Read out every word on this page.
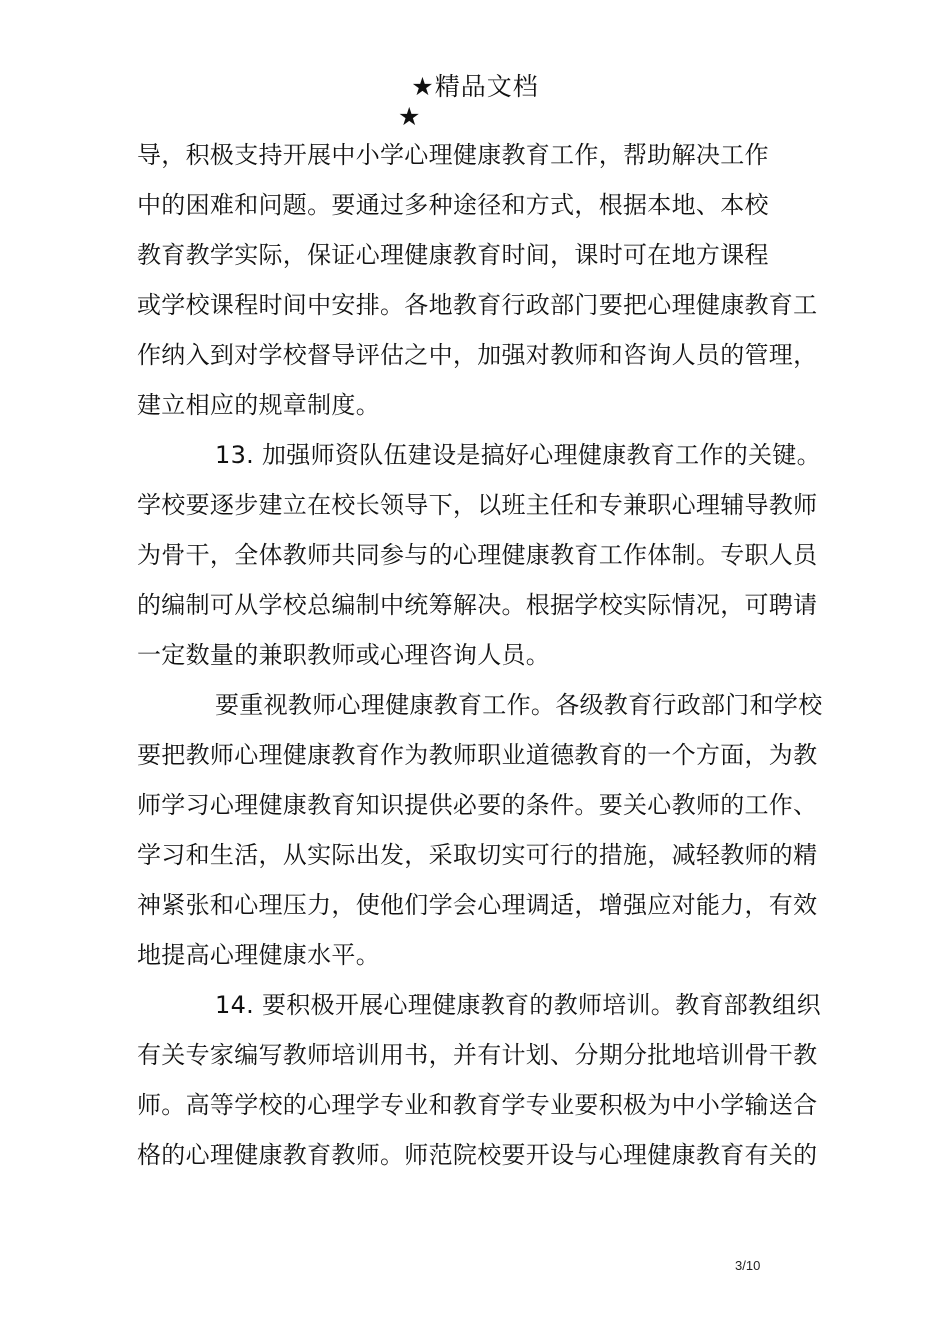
★精品文档
★
导，积极支持开展中小学心理健康教育工作，帮助解决工作
中的困难和问题。要通过多种途径和方式，根据本地、本校
教育教学实际，保证心理健康教育时间，课时可在地方课程
或学校课程时间中安排。各地教育行政部门要把心理健康教育工
作纳入到对学校督导评估之中，加强对教师和咨询人员的管理，
建立相应的规章制度。
13. 加强师资队伍建设是搞好心理健康教育工作的关键。
学校要逐步建立在校长领导下，以班主任和专兼职心理辅导教师
为骨干，全体教师共同参与的心理健康教育工作体制。专职人员
的编制可从学校总编制中统筹解决。根据学校实际情况，可聘请
一定数量的兼职教师或心理咨询人员。
要重视教师心理健康教育工作。各级教育行政部门和学校
要把教师心理健康教育作为教师职业道德教育的一个方面，为教
师学习心理健康教育知识提供必要的条件。要关心教师的工作、
学习和生活，从实际出发，采取切实可行的措施，减轻教师的精
神紧张和心理压力，使他们学会心理调适，增强应对能力，有效
地提高心理健康水平。
14. 要积极开展心理健康教育的教师培训。教育部教组织
有关专家编写教师培训用书，并有计划、分期分批地培训骨干教
师。高等学校的心理学专业和教育学专业要积极为中小学输送合
格的心理健康教育教师。师范院校要开设与心理健康教育有关的
3/10
